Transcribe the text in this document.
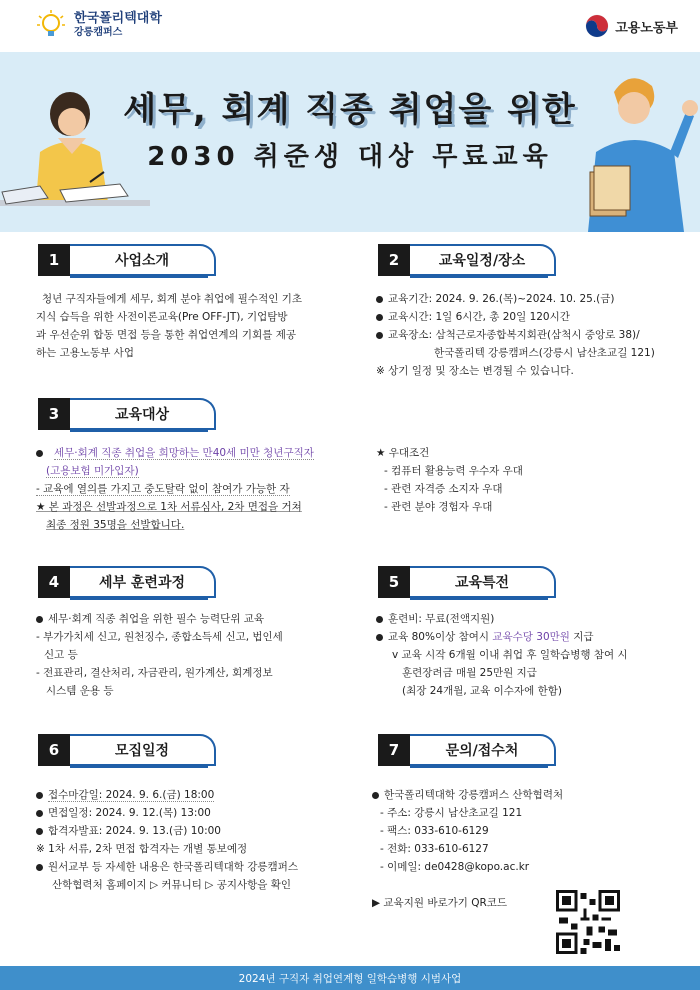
한국폴리텍대학
강릉캠퍼스	고용노동부
세무, 회계 직종 취업을 위한
2030 취준생 대상 무료교육
1	사업소개
청년 구직자들에게 세무, 회계 분야 취업에 필수적인 기초
지식 습득을 위한 사전이론교육(Pre OFF-JT), 기업탐방
과 우선순위 합동 면접 등을 통한 취업연계의 기회를 제공
하는 고용노동부 사업
2	교육일정/장소
교육기간: 2024. 9. 26.(목)~2024. 10. 25.(금)
교육시간: 1일 6시간, 총 20일 120시간
교육장소: 삼척근로자종합복지회관(삼척시 중앙로 38)/
한국폴리텍 강릉캠퍼스(강릉시 남산초교길 121)
※ 상기 일정 및 장소는 변경될 수 있습니다.
3	교육대상
세무·회계 직종 취업을 희망하는 만40세 미만 청년구직자
(고용보험 미가입자)
- 교육에 열의를 가지고 중도탈락 없이 참여가 가능한 자
★ 본 과정은 선발과정으로 1차 서류심사, 2차 면접을 거쳐
최종 정원 35명을 선발합니다.
★ 우대조건
- 컴퓨터 활용능력 우수자 우대
- 관련 자격증 소지자 우대
- 관련 분야 경험자 우대
4	세부 훈련과정
세무·회계 직종 취업을 위한 필수 능력단위 교육
- 부가가치세 신고, 원천징수, 종합소득세 신고, 법인세
신고 등
- 전표관리, 결산처리, 자금관리, 원가계산, 회계정보
시스템 운용 등
5	교육특전
훈련비: 무료(전액지원)
교육 80%이상 참여시 교육수당 30만원 지급
v 교육 시작 6개월 이내 취업 후 일학습병행 참여 시
훈련장려금 매월 25만원 지급
(최장 24개월, 교육 이수자에 한함)
6	모집일정
접수마감일: 2024. 9. 6.(금) 18:00
면접일정: 2024. 9. 12.(목) 13:00
합격자발표: 2024. 9. 13.(금) 10:00
※ 1차 서류, 2차 면접 합격자는 개별 통보예정
원서교부 등 자세한 내용은 한국폴리텍대학 강릉캠퍼스
산학협력처 홈페이지 ▷ 커뮤니티 ▷ 공지사항을 확인
7	문의/접수처
한국폴리텍대학 강릉캠퍼스 산학협력처
- 주소: 강릉시 남산초교길 121
- 팩스: 033-610-6129
- 전화: 033-610-6127
- 이메일: de0428@kopo.ac.kr
▶ 교육지원 바로가기 QR코드
2024년 구직자 취업연계형 일학습병행 시범사업
